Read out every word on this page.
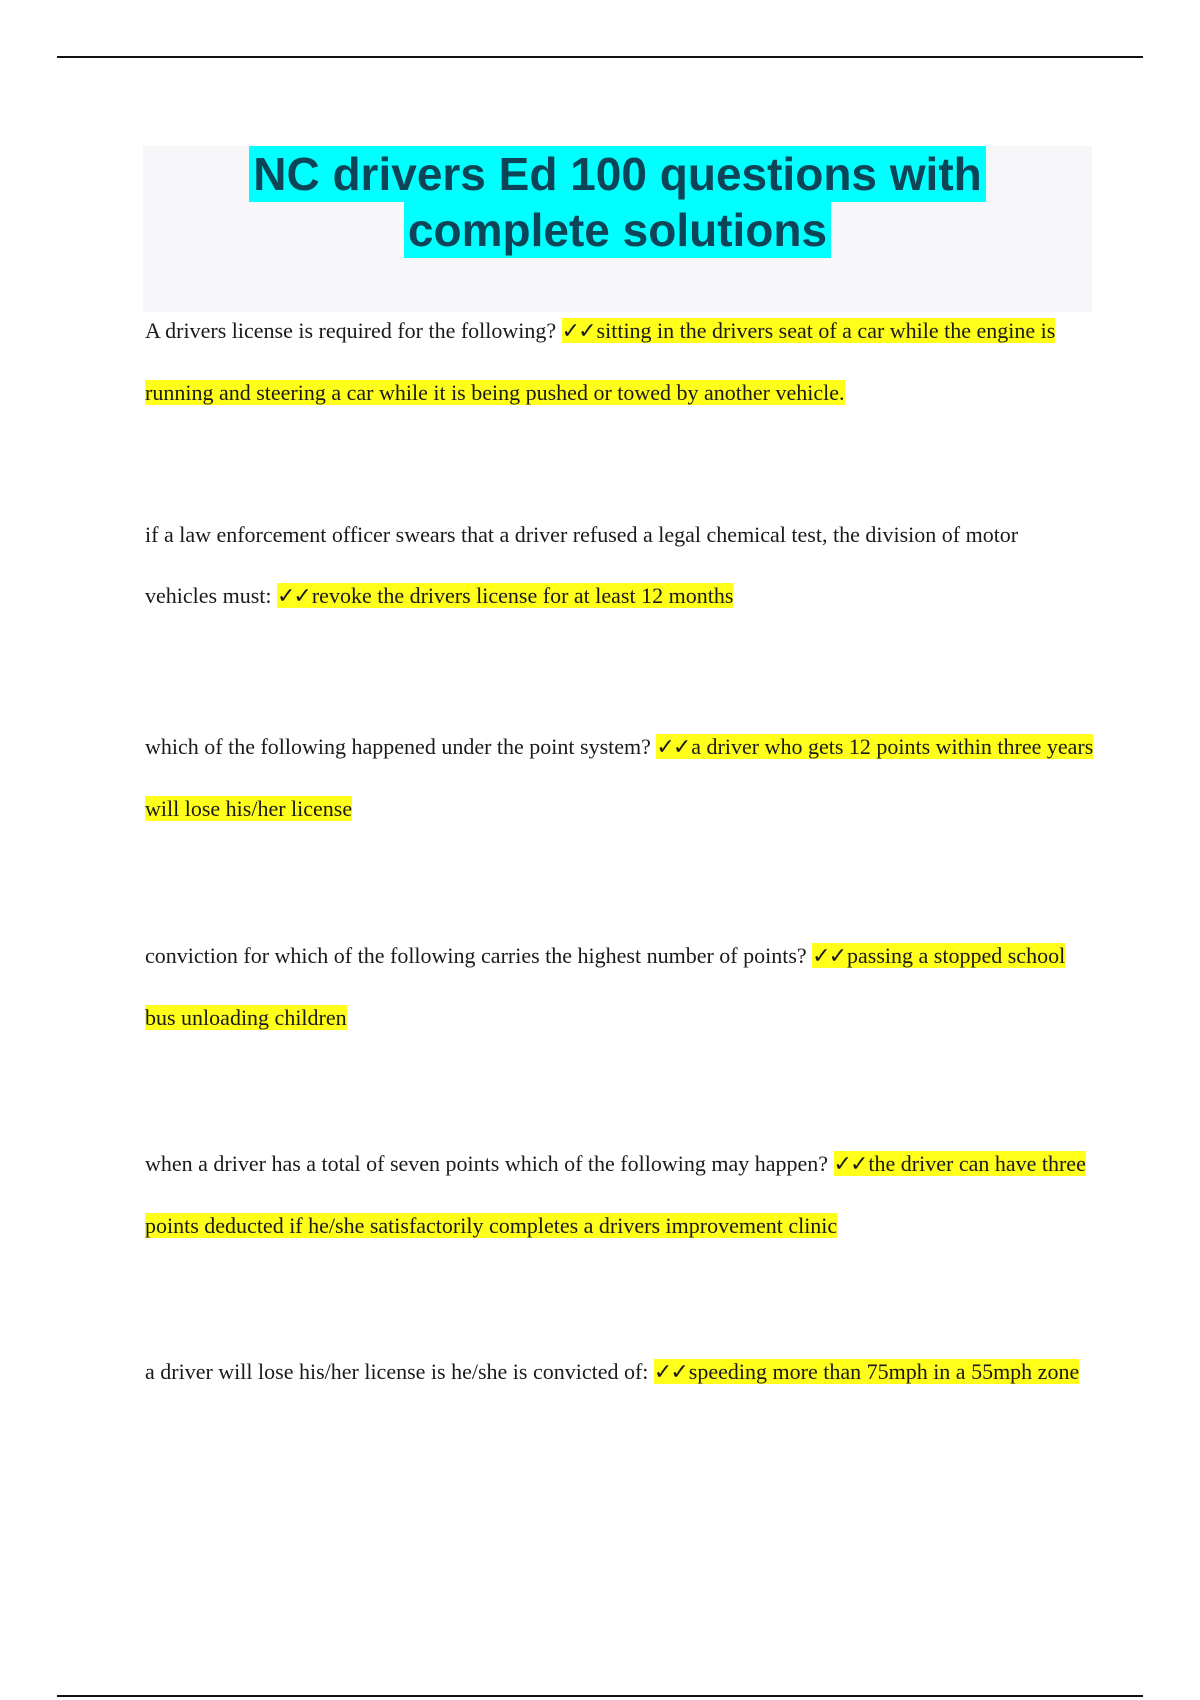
NC drivers Ed 100 questions with
complete solutions
A drivers license is required for the following? ✓✓sitting in the drivers seat of a car while the engine is running and steering a car while it is being pushed or towed by another vehicle.
if a law enforcement officer swears that a driver refused a legal chemical test, the division of motor vehicles must: ✓✓revoke the drivers license for at least 12 months
which of the following happened under the point system? ✓✓a driver who gets 12 points within three years will lose his/her license
conviction for which of the following carries the highest number of points? ✓✓passing a stopped school bus unloading children
when a driver has a total of seven points which of the following may happen? ✓✓the driver can have three points deducted if he/she satisfactorily completes a drivers improvement clinic
a driver will lose his/her license is he/she is convicted of: ✓✓speeding more than 75mph in a 55mph zone
